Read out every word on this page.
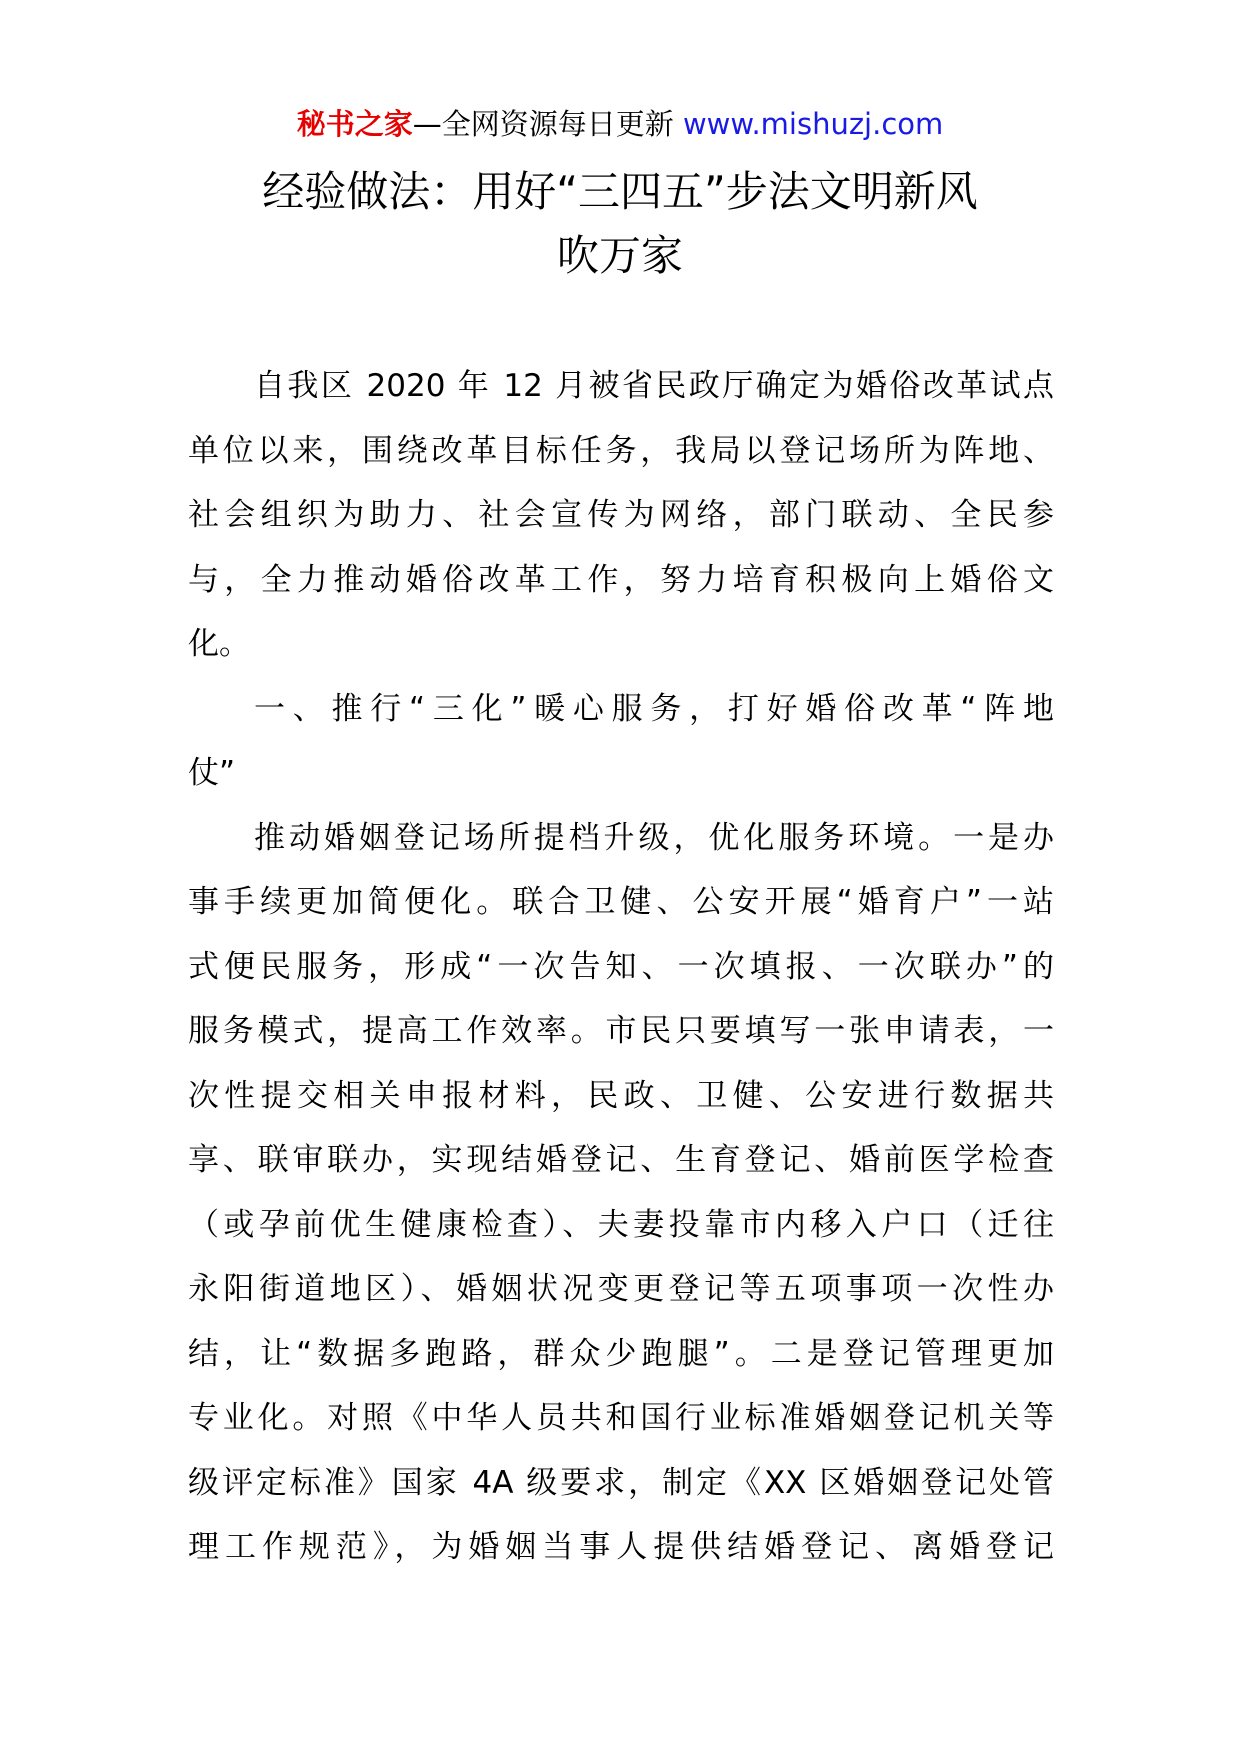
秘书之家—全网资源每日更新 www.mishuzj.com
经验做法：用好“三四五”步法文明新风
吹万家
自我区 2020 年 12 月被省民政厅确定为婚俗改革试点
单位以来，围绕改革目标任务，我局以登记场所为阵地、
社会组织为助力、社会宣传为网络，部门联动、全民参
与，全力推动婚俗改革工作，努力培育积极向上婚俗文
化。
一、推行“三化”暖心服务，打好婚俗改革“阵地
仗”
推动婚姻登记场所提档升级，优化服务环境。一是办
事手续更加简便化。联合卫健、公安开展“婚育户”一站
式便民服务，形成“一次告知、一次填报、一次联办”的
服务模式，提高工作效率。市民只要填写一张申请表，一
次性提交相关申报材料，民政、卫健、公安进行数据共
享、联审联办，实现结婚登记、生育登记、婚前医学检查
（或孕前优生健康检查）、夫妻投靠市内移入户口（迁往
永阳街道地区）、婚姻状况变更登记等五项事项一次性办
结，让“数据多跑路，群众少跑腿”。二是登记管理更加
专业化。对照《中华人员共和国行业标准婚姻登记机关等
级评定标准》国家 4A 级要求，制定《XX 区婚姻登记处管
理工作规范》，为婚姻当事人提供结婚登记、离婚登记
